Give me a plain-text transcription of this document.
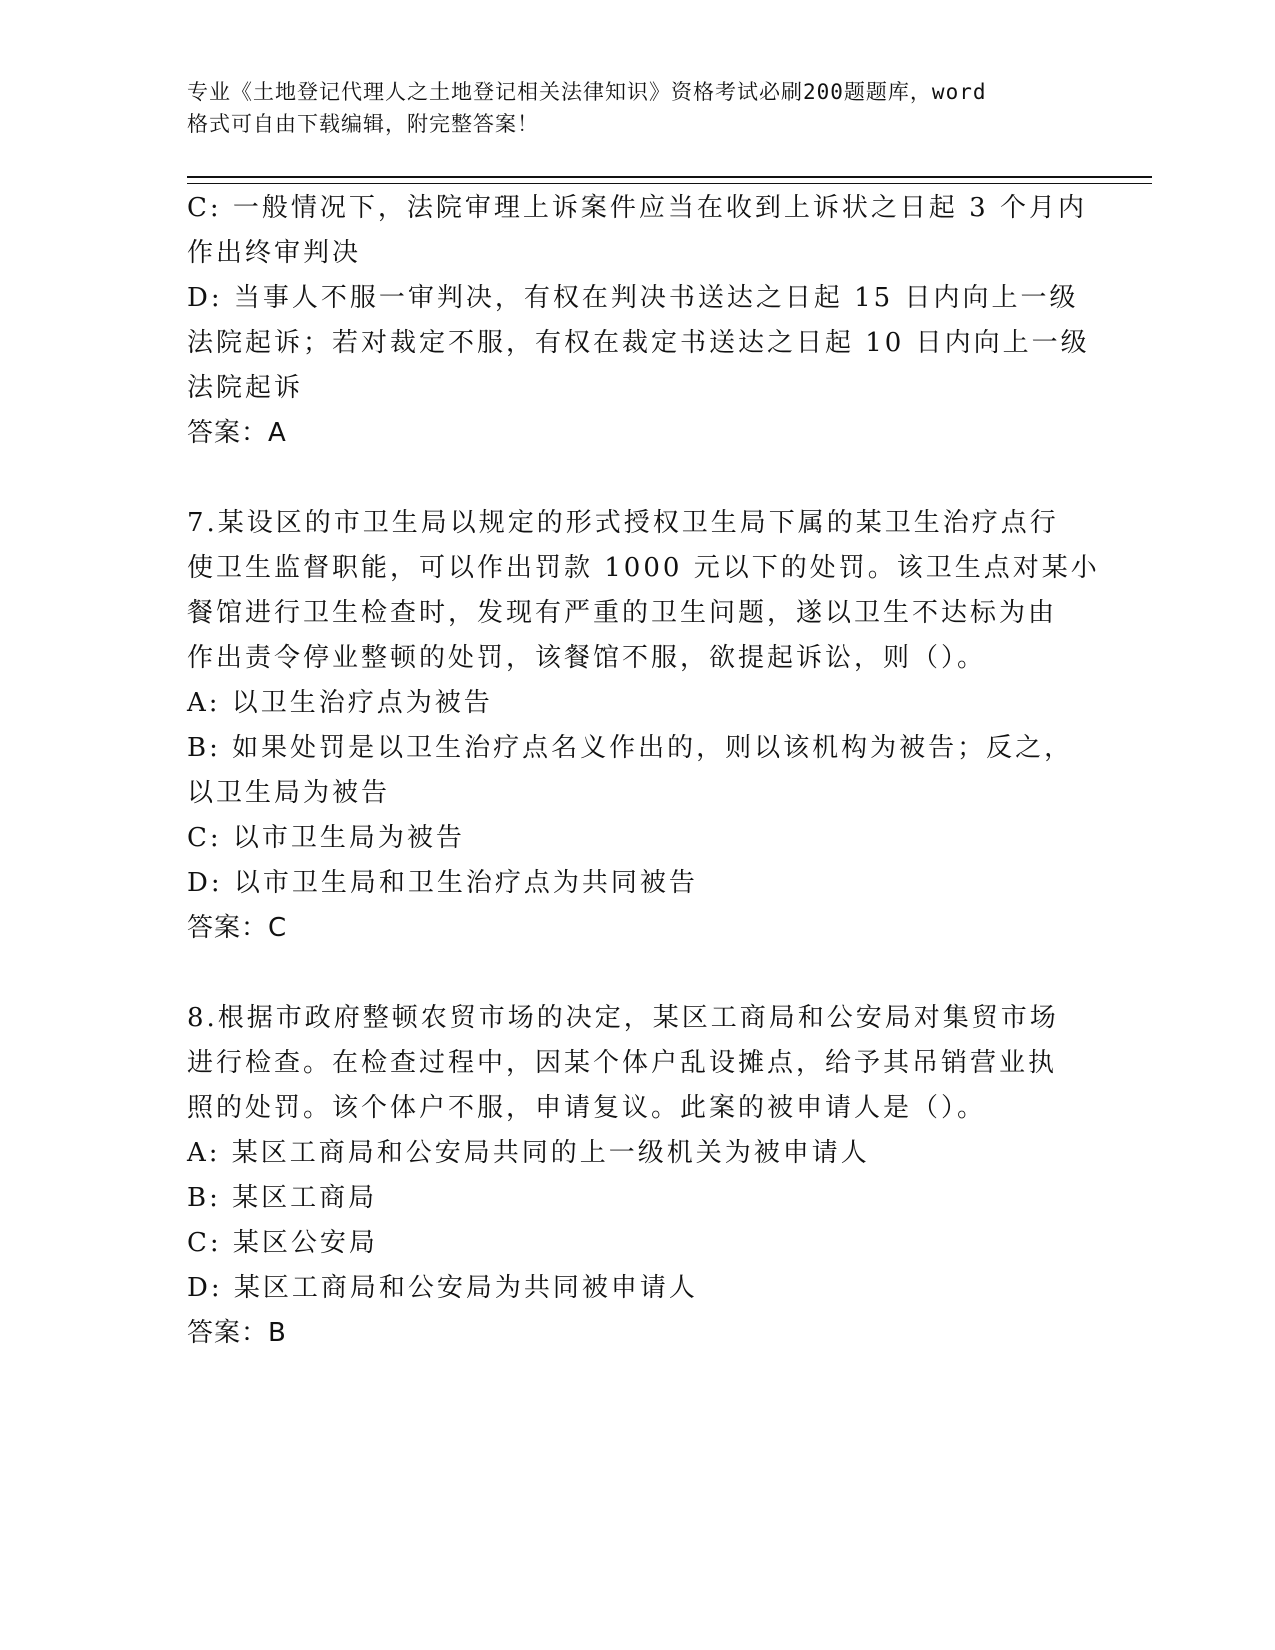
专业《土地登记代理人之土地登记相关法律知识》资格考试必刷200题题库，word
格式可自由下载编辑，附完整答案！
C: 一般情况下，法院审理上诉案件应当在收到上诉状之日起 3 个月内
作出终审判决
D: 当事人不服一审判决，有权在判决书送达之日起 15 日内向上一级
法院起诉；若对裁定不服，有权在裁定书送达之日起 10 日内向上一级
法院起诉
答案：A
7.某设区的市卫生局以规定的形式授权卫生局下属的某卫生治疗点行
使卫生监督职能，可以作出罚款 1000 元以下的处罚。该卫生点对某小
餐馆进行卫生检查时，发现有严重的卫生问题，遂以卫生不达标为由
作出责令停业整顿的处罚，该餐馆不服，欲提起诉讼，则（）。
A: 以卫生治疗点为被告
B: 如果处罚是以卫生治疗点名义作出的，则以该机构为被告；反之，
以卫生局为被告
C: 以市卫生局为被告
D: 以市卫生局和卫生治疗点为共同被告
答案：C
8.根据市政府整顿农贸市场的决定，某区工商局和公安局对集贸市场
进行检查。在检查过程中，因某个体户乱设摊点，给予其吊销营业执
照的处罚。该个体户不服，申请复议。此案的被申请人是（）。
A: 某区工商局和公安局共同的上一级机关为被申请人
B: 某区工商局
C: 某区公安局
D: 某区工商局和公安局为共同被申请人
答案：B
